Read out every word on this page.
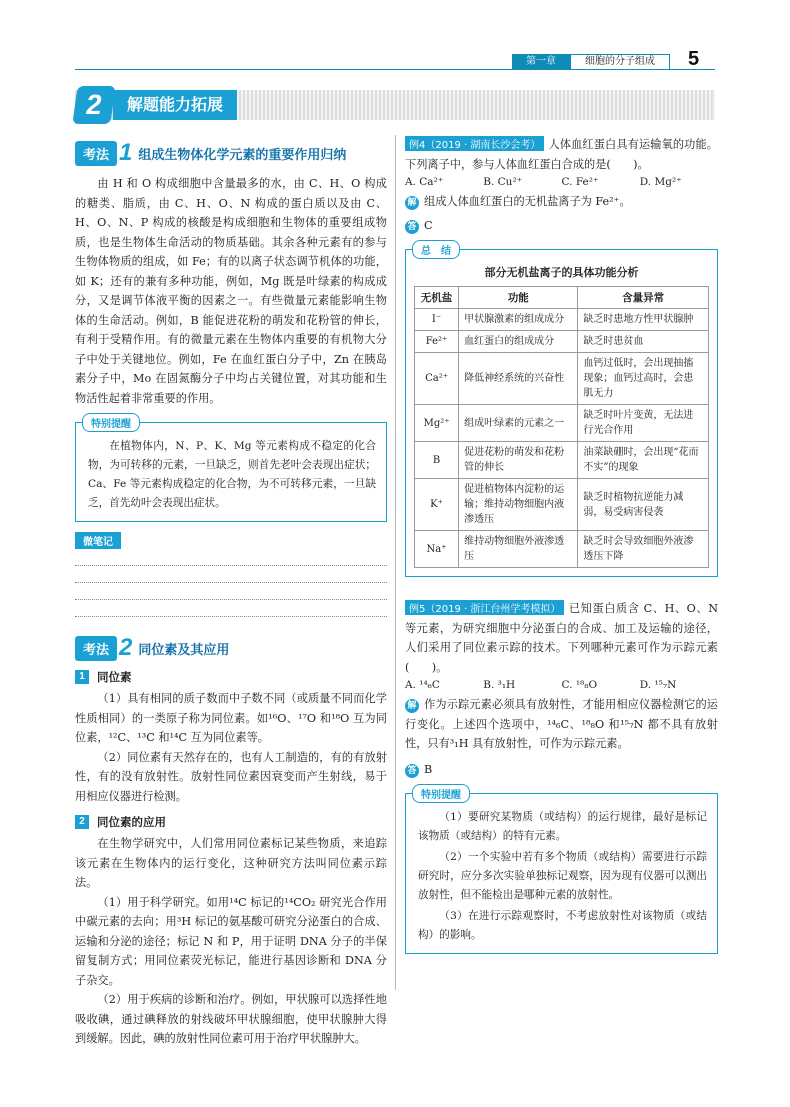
第一章	细胞的分子组成	5
2	解题能力拓展
考法 1 组成生物体化学元素的重要作用归纳

由 H 和 O 构成细胞中含量最多的水，由 C、H、O 构成的糖类、脂质，由 C、H、O、N 构成的蛋白质以及由 C、H、O、N、P 构成的核酸是构成细胞和生物体的重要组成物质，也是生物体生命活动的物质基础。其余各种元素有的参与生物体物质的组成，如 Fe；有的以离子状态调节机体的功能，如 K；还有的兼有多种功能，例如，Mg 既是叶绿素的构成成分，又是调节体液平衡的因素之一。有些微量元素能影响生物体的生命活动。例如，B 能促进花粉的萌发和花粉管的伸长，有利于受精作用。有的微量元素在生物体内重要的有机物大分子中处于关键地位。例如，Fe 在血红蛋白分子中，Zn 在胰岛素分子中，Mo 在固氮酶分子中均占关键位置，对其功能和生物活性起着非常重要的作用。

特别提醒

在植物体内，N、P、K、Mg 等元素构成不稳定的化合物，为可转移的元素，一旦缺乏，则首先老叶会表现出症状；Ca、Fe 等元素构成稳定的化合物，为不可转移元素，一旦缺乏，首先幼叶会表现出症状。

微笔记
考法 2 同位素及其应用
1	同位素

（1）具有相同的质子数而中子数不同（或质量不同而化学性质相同）的一类原子称为同位素。如¹⁶O、¹⁷O 和¹⁸O 互为同位素，¹²C、¹³C 和¹⁴C 互为同位素等。

（2）同位素有天然存在的，也有人工制造的，有的有放射性，有的没有放射性。放射性同位素因衰变而产生射线，易于用相应仪器进行检测。

2	同位素的应用

在生物学研究中，人们常用同位素标记某些物质，来追踪该元素在生物体内的运行变化，这种研究方法叫同位素示踪法。

（1）用于科学研究。如用¹⁴C 标记的¹⁴CO₂ 研究光合作用中碳元素的去向；用³H 标记的氨基酸可研究分泌蛋白的合成、运输和分泌的途径；标记 N 和 P，用于证明 DNA 分子的半保留复制方式；用同位素荧光标记，能进行基因诊断和 DNA 分子杂交。

（2）用于疾病的诊断和治疗。例如，甲状腺可以选择性地吸收碘，通过碘释放的射线破坏甲状腺细胞，使甲状腺肿大得到缓解。因此，碘的放射性同位素可用于治疗甲状腺肿大。

例4（2019 · 湖南长沙会考） 人体血红蛋白具有运输氧的功能。下列离子中，参与人体血红蛋白合成的是(　　)。

A. Ca²⁺	B. Cu²⁺	C. Fe²⁺	D. Mg²⁺

解 组成人体血红蛋白的无机盐离子为 Fe²⁺。

答 C

总　结
部分无机盐离子的具体功能分析
无机盐	功能	含量异常
I⁻	甲状腺激素的组成成分	缺乏时患地方性甲状腺肿
Fe²⁺	血红蛋白的组成成分	缺乏时患贫血
Ca²⁺	降低神经系统的兴奋性	血钙过低时，会出现抽搐现象；血钙过高时，会患肌无力
Mg²⁺	组成叶绿素的元素之一	缺乏时叶片变黄，无法进行光合作用
B	促进花粉的萌发和花粉管的伸长	油菜缺硼时，会出现“花而不实”的现象
K⁺	促进植物体内淀粉的运输；维持动物细胞内液渗透压	缺乏时植物抗逆能力减弱，易受病害侵袭
Na⁺	维持动物细胞外液渗透压	缺乏时会导致细胞外液渗透压下降

例5（2019 · 浙江台州学考模拟） 已知蛋白质含 C、H、O、N 等元素，为研究细胞中分泌蛋白的合成、加工及运输的途径，人们采用了同位素示踪的技术。下列哪种元素可作为示踪元素(　　)。

A. ¹⁴₆C	B. ³₁H	C. ¹⁸₈O	D. ¹⁵₇N

解 作为示踪元素必须具有放射性，才能用相应仪器检测它的运行变化。上述四个选项中，¹⁴₆C、¹⁸₈O 和¹⁵₇N 都不具有放射性，只有³₁H 具有放射性，可作为示踪元素。

答 B

特别提醒

（1）要研究某物质（或结构）的运行规律，最好是标记该物质（或结构）的特有元素。

（2）一个实验中若有多个物质（或结构）需要进行示踪研究时，应分多次实验单独标记观察，因为现有仪器可以测出放射性，但不能检出是哪种元素的放射性。

（3）在进行示踪观察时，不考虑放射性对该物质（或结构）的影响。
